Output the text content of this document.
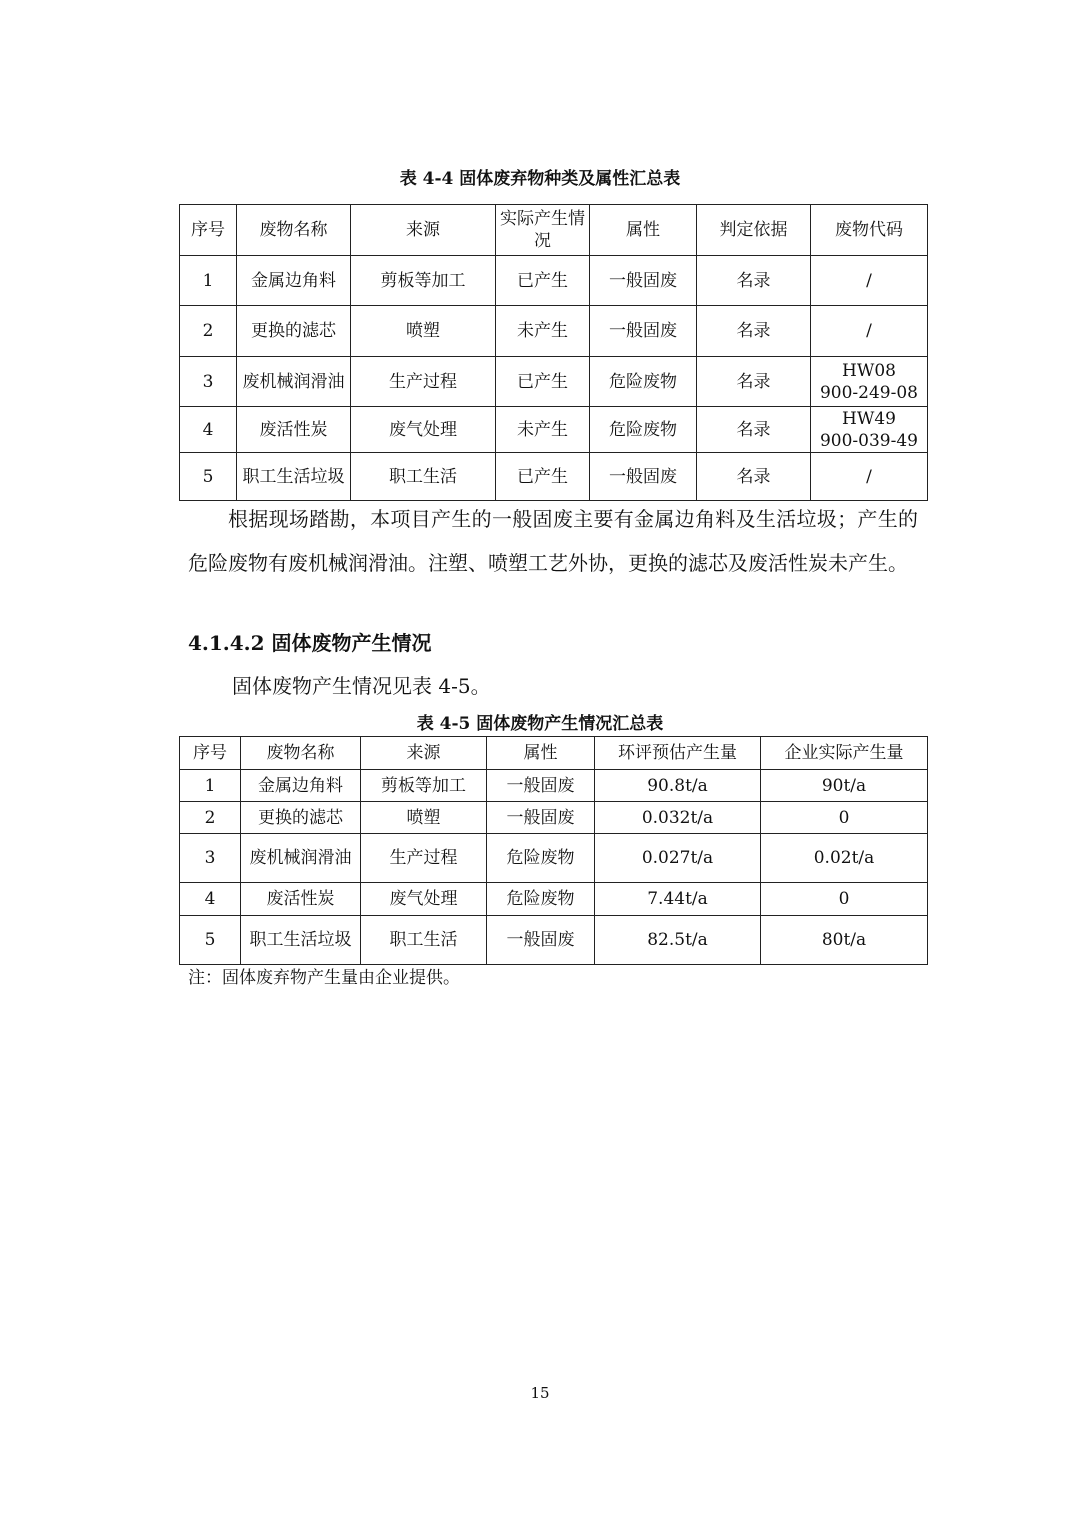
表 4-4 固体废弃物种类及属性汇总表
序号	废物名称	来源	实际产生情况	属性	判定依据	废物代码
1	金属边角料	剪板等加工	已产生	一般固废	名录	/

2	更换的滤芯	喷塑	未产生	一般固废	名录	/

3	废机械润滑油	生产过程	已产生	危险废物	名录	HW08
900-249-08

4	废活性炭	废气处理	未产生	危险废物	名录	HW49
900-039-49

5	职工生活垃圾	职工生活	已产生	一般固废	名录	/

根据现场踏勘，本项目产生的一般固废主要有金属边角料及生活垃圾；产生的危险废物有废机械润滑油。注塑、喷塑工艺外协，更换的滤芯及废活性炭未产生。

4.1.4.2 固体废物产生情况
固体废物产生情况见表 4-5。
表 4-5 固体废物产生情况汇总表
序号	废物名称	来源	属性	环评预估产生量	企业实际产生量
1	金属边角料	剪板等加工	一般固废	90.8t/a	90t/a
2	更换的滤芯	喷塑	一般固废	0.032t/a	0
3	废机械润滑油	生产过程	危险废物	0.027t/a	0.02t/a
4	废活性炭	废气处理	危险废物	7.44t/a	0
5	职工生活垃圾	职工生活	一般固废	82.5t/a	80t/a
注：固体废弃物产生量由企业提供。
15
